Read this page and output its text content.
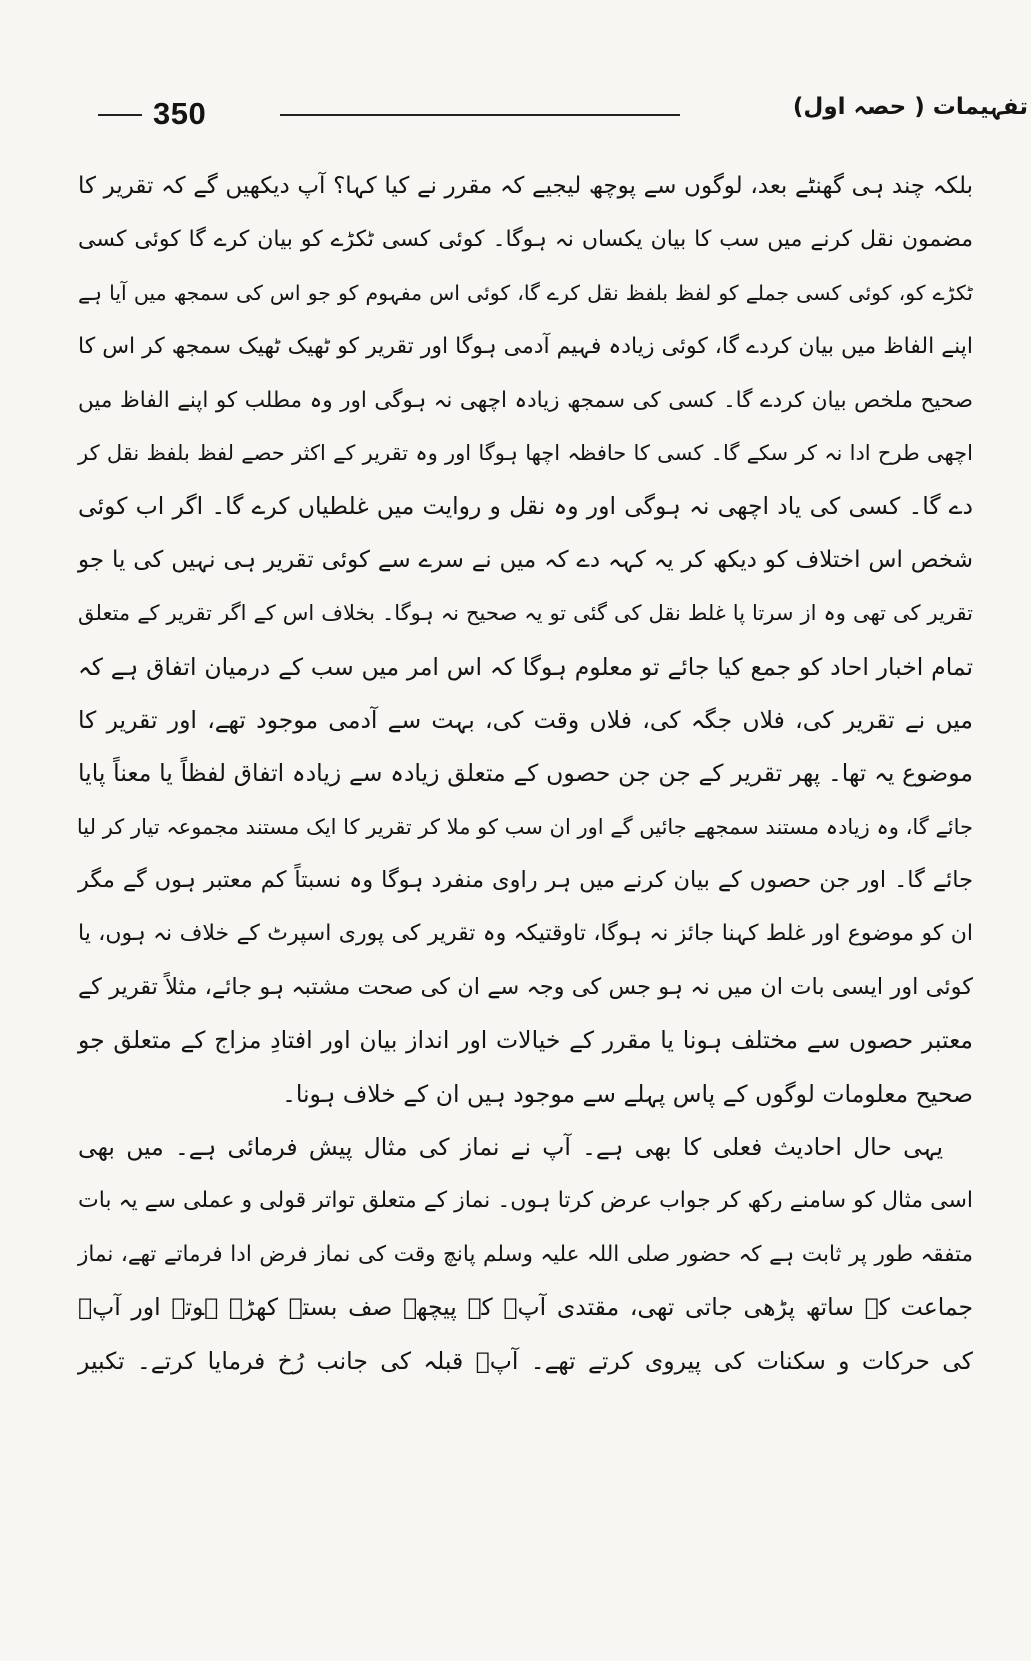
350	تفہیمات ( حصہ اول)
بلکہ چند ہی گھنٹے بعد، لوگوں سے پوچھ لیجیے کہ مقرر نے کیا کہا؟ آپ دیکھیں گے کہ تقریر کا
مضمون نقل کرنے میں سب کا بیان یکساں نہ ہوگا۔ کوئی کسی ٹکڑے کو بیان کرے گا کوئی کسی
ٹکڑے کو، کوئی کسی جملے کو لفظ بلفظ نقل کرے گا، کوئی اس مفہوم کو جو اس کی سمجھ میں آیا ہے
اپنے الفاظ میں بیان کردے گا، کوئی زیادہ فہیم آدمی ہوگا اور تقریر کو ٹھیک ٹھیک سمجھ کر اس کا
صحیح ملخص بیان کردے گا۔ کسی کی سمجھ زیادہ اچھی نہ ہوگی اور وہ مطلب کو اپنے الفاظ میں
اچھی طرح ادا نہ کر سکے گا۔ کسی کا حافظہ اچھا ہوگا اور وہ تقریر کے اکثر حصے لفظ بلفظ نقل کر
دے گا۔ کسی کی یاد اچھی نہ ہوگی اور وہ نقل و روایت میں غلطیاں کرے گا۔ اگر اب کوئی
شخص اس اختلاف کو دیکھ کر یہ کہہ دے کہ میں نے سرے سے کوئی تقریر ہی نہیں کی یا جو
تقریر کی تھی وہ از سرتا پا غلط نقل کی گئی تو یہ صحیح نہ ہوگا۔ بخلاف اس کے اگر تقریر کے متعلق
تمام اخبار احاد کو جمع کیا جائے تو معلوم ہوگا کہ اس امر میں سب کے درمیان اتفاق ہے کہ
میں نے تقریر کی، فلاں جگہ کی، فلاں وقت کی، بہت سے آدمی موجود تھے، اور تقریر کا
موضوع یہ تھا۔ پھر تقریر کے جن جن حصوں کے متعلق زیادہ سے زیادہ اتفاق لفظاً یا معناً پایا
جائے گا، وہ زیادہ مستند سمجھے جائیں گے اور ان سب کو ملا کر تقریر کا ایک مستند مجموعہ تیار کر لیا
جائے گا۔ اور جن حصوں کے بیان کرنے میں ہر راوی منفرد ہوگا وہ نسبتاً کم معتبر ہوں گے مگر
ان کو موضوع اور غلط کہنا جائز نہ ہوگا، تاوقتیکہ وہ تقریر کی پوری اسپرٹ کے خلاف نہ ہوں، یا
کوئی اور ایسی بات ان میں نہ ہو جس کی وجہ سے ان کی صحت مشتبہ ہو جائے، مثلاً تقریر کے
معتبر حصوں سے مختلف ہونا یا مقرر کے خیالات اور انداز بیان اور افتادِ مزاج کے متعلق جو
صحیح معلومات لوگوں کے پاس پہلے سے موجود ہیں ان کے خلاف ہونا۔
یہی حال احادیث فعلی کا بھی ہے۔ آپ نے نماز کی مثال پیش فرمائی ہے۔ میں بھی
اسی مثال کو سامنے رکھ کر جواب عرض کرتا ہوں۔ نماز کے متعلق تواتر قولی و عملی سے یہ بات
متفقہ طور پر ثابت ہے کہ حضور صلی اللہ علیہ وسلم پانچ وقت کی نماز فرض ادا فرماتے تھے، نماز
جماعت کے ساتھ پڑھی جاتی تھی، مقتدی آپؐ کے پیچھے صف بستہ کھڑے ہوتے اور آپؐ
کی حرکات و سکنات کی پیروی کرتے تھے۔ آپؐ قبلہ کی جانب رُخ فرمایا کرتے۔ تکبیر
